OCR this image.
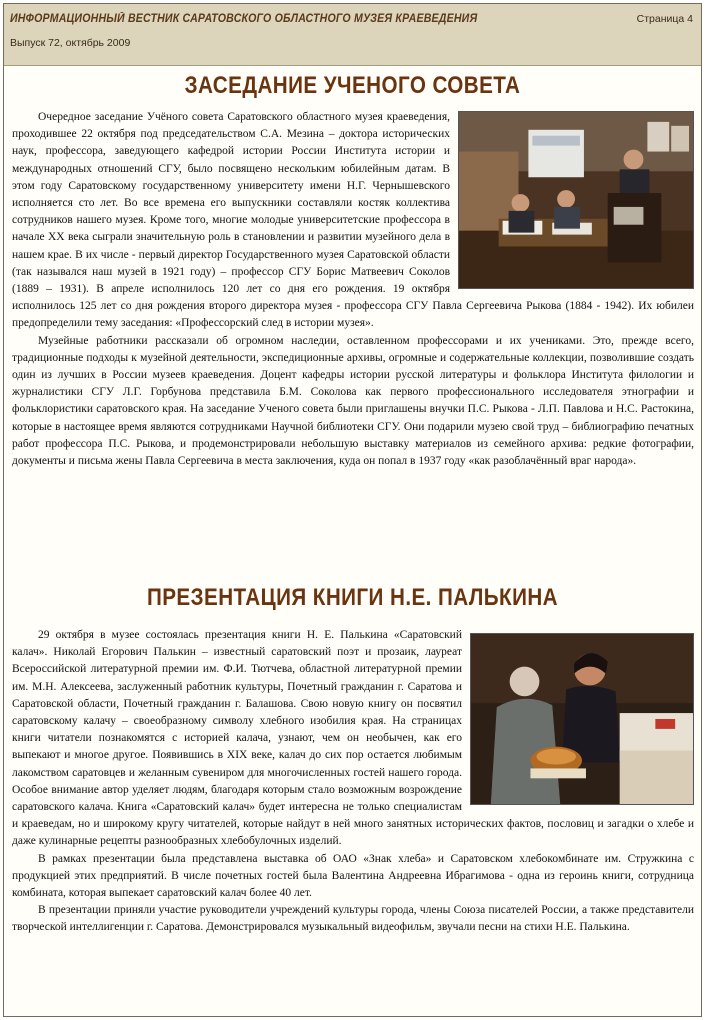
ИНФОРМАЦИОННЫЙ ВЕСТНИК САРАТОВСКОГО ОБЛАСТНОГО МУЗЕЯ КРАЕВЕДЕНИЯ
Выпуск 72, октябрь 2009
Страница 4
ЗАСЕДАНИЕ УЧЕНОГО СОВЕТА

Очередное заседание Учёного совета Саратовского областного музея краеведения, проходившее 22 октября под председательством С.А. Мезина – доктора исторических наук, профессора, заведующего кафедрой истории России Института истории и международных отношений СГУ, было посвящено нескольким юбилейным датам. В этом году Саратовскому государственному университету имени Н.Г. Чернышевского исполняется сто лет. Во все времена его выпускники составляли костяк коллектива сотрудников нашего музея. Кроме того, многие молодые университетские профессора в начале XX века сыграли значительную роль в становлении и развитии музейного дела в нашем крае. В их числе - первый директор Государственного музея Саратовской области (так назывался наш музей в 1921 году) – профессор СГУ Борис Матвеевич Соколов (1889 – 1931). В апреле исполнилось 120 лет со дня его рождения. 19 октября исполнилось 125 лет со дня рождения второго директора музея - профессора СГУ Павла Сергеевича Рыкова (1884 - 1942). Их юбилеи предопределили тему заседания: «Профессорский след в истории музея».

Музейные работники рассказали об огромном наследии, оставленном профессорами и их учениками. Это, прежде всего, традиционные подходы к музейной деятельности, экспедиционные архивы, огромные и содержательные коллекции, позволившие создать один из лучших в России музеев краеведения. Доцент кафедры истории русской литературы и фольклора Института филологии и журналистики СГУ Л.Г. Горбунова представила Б.М. Соколова как первого профессионального исследователя этнографии и фольклористики саратовского края. На заседание Ученого совета были приглашены внучки П.С. Рыкова - Л.П. Павлова и Н.С. Растокина, которые в настоящее время являются сотрудниками Научной библиотеки СГУ. Они подарили музею свой труд – библиографию печатных работ профессора П.С. Рыкова, и продемонстрировали небольшую выставку материалов из семейного архива: редкие фотографии, документы и письма жены Павла Сергеевича в места заключения, куда он попал в 1937 году «как разоблачённый враг народа».

ПРЕЗЕНТАЦИЯ КНИГИ Н.Е. ПАЛЬКИНА

29 октября в музее состоялась презентация книги Н. Е. Палькина «Саратовский калач». Николай Егорович Палькин – известный саратовский поэт и прозаик, лауреат Всероссийской литературной премии им. Ф.И. Тютчева, областной литературной премии им. М.Н. Алексеева, заслуженный работник культуры, Почетный гражданин г. Саратова и Саратовской области, Почетный гражданин г. Балашова. Свою новую книгу он посвятил саратовскому калачу – своеобразному символу хлебного изобилия края. На страницах книги читатели познакомятся с историей калача, узнают, чем он необычен, как его выпекают и многое другое. Появившись в XIX веке, калач до сих пор остается любимым лакомством саратовцев и желанным сувениром для многочисленных гостей нашего города. Особое внимание автор уделяет людям, благодаря которым стало возможным возрождение саратовского калача. Книга «Саратовский калач» будет интересна не только специалистам и краеведам, но и широкому кругу читателей, которые найдут в ней много занятных исторических фактов, пословиц и загадки о хлебе и даже кулинарные рецепты разнообразных хлебобулочных изделий.

В рамках презентации была представлена выставка об ОАО «Знак хлеба» и Саратовском хлебокомбинате им. Стружкина с продукцией этих предприятий. В числе почетных гостей была Валентина Андреевна Ибрагимова - одна из героинь книги, сотрудница комбината, которая выпекает саратовский калач более 40 лет.

В презентации приняли участие руководители учреждений культуры города, члены Союза писателей России, а также представители творческой интеллигенции г. Саратова. Демонстрировался музыкальный видеофильм, звучали песни на стихи Н.Е. Палькина.
